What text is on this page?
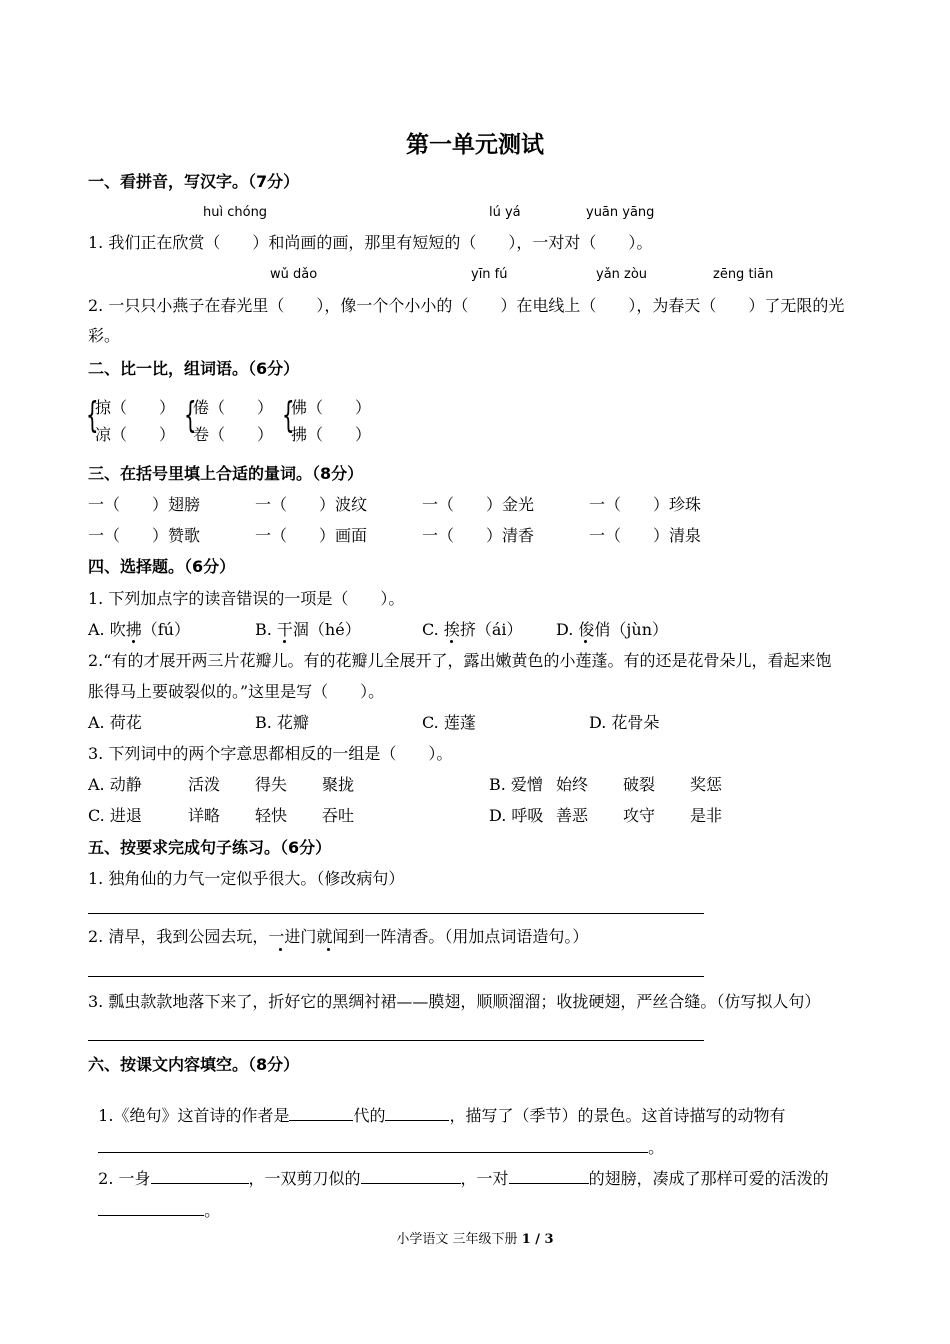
第一单元测试
一、看拼音，写汉字。（7分）
huì chóng	lú yá	yuān yāng
1. 我们正在欣赏（　　）和尚画的画，那里有短短的（　　），一对对（　　）。
wǔ dǎo	yīn fú	yǎn zòu	zēng tiān
2. 一只只小燕子在春光里（　　），像一个个小小的（　　）在电线上（　　），为春天（　　）了无限的光
彩。
二、比一比，组词语。（6分）
{
掠（　　）
凉（　　） {
倦（　　）
卷（　　） {
佛（　　）
拂（　　）
三、在括号里填上合适的量词。（8分）
一（　　）翅膀	一（　　）波纹	一（　　）金光	一（　　）珍珠
一（　　）赞歌	一（　　）画面	一（　　）清香	一（　　）清泉
四、选择题。（6分）
1. 下列加点字的读音错误的一项是（　　）。
A. 吹拂（fú）	B. 干涸（hé）	C. 挨挤（ái） D. 俊俏（jùn）
2.“有的才展开两三片花瓣儿。有的花瓣儿全展开了，露出嫩黄色的小莲蓬。有的还是花骨朵儿，看起来饱
胀得马上要破裂似的。”这里是写（　　）。
A. 荷花	B. 花瓣	C. 莲蓬	D. 花骨朵
3. 下列词中的两个字意思都相反的一组是（　　）。
A. 动静	活泼 得失 聚拢	B. 爱憎 始终 破裂 奖惩
C. 进退	详略 轻快 吞吐	D. 呼吸 善恶 攻守 是非
五、按要求完成句子练习。（6分）
1. 独角仙的力气一定似乎很大。（修改病句）
2. 清早，我到公园去玩，一进门就闻到一阵清香。（用加点词语造句。）
3. 瓢虫款款地落下来了，折好它的黑绸衬裙——膜翅，顺顺溜溜；收拢硬翅，严丝合缝。（仿写拟人句）
六、按课文内容填空。（8分）

1.《绝句》这首诗的作者是	代的	，描写了（季节）的景色。这首诗描写的动物有

。

2. 一身	，一双剪刀似的	，一对	的翅膀，凑成了那样可爱的活泼的

。

小学语文 三年级下册 1 / 3
